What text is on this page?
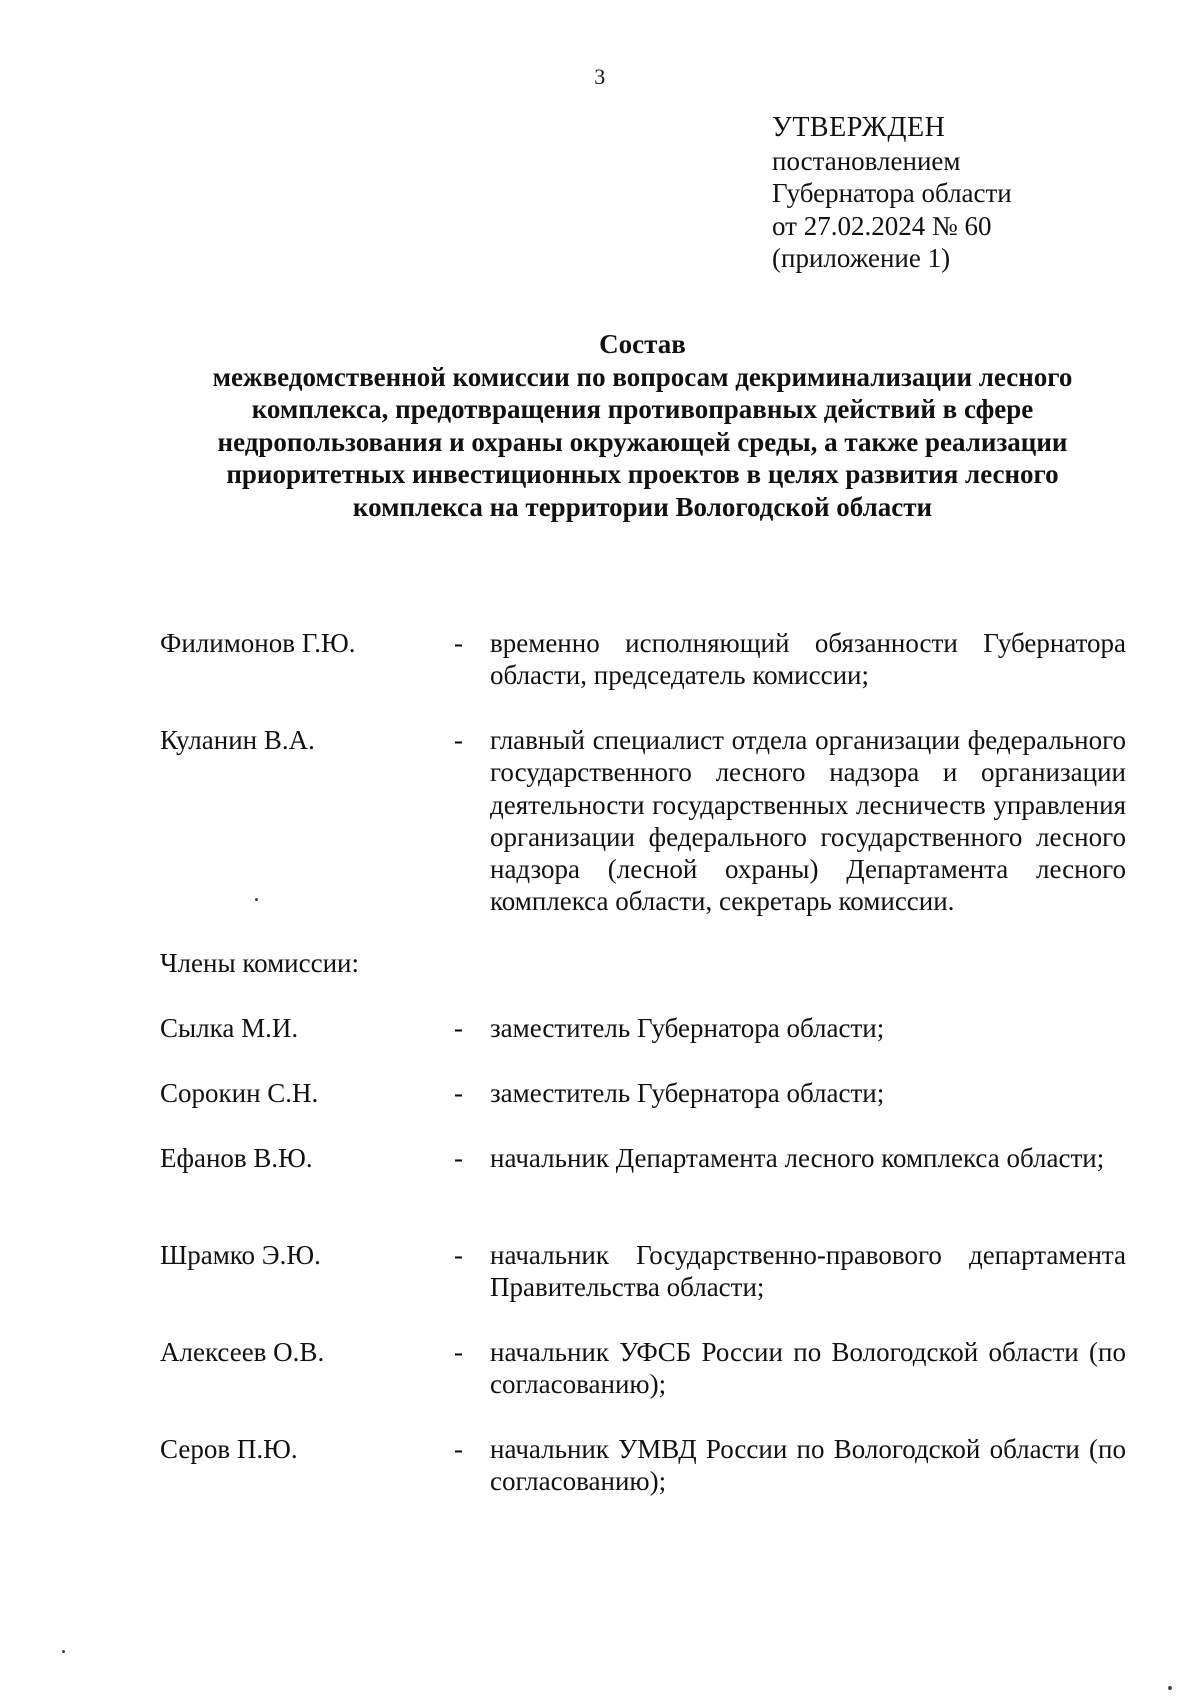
3
УТВЕРЖДЕН
постановлением
Губернатора области
от 27.02.2024 № 60
(приложение 1)
Состав
межведомственной комиссии по вопросам декриминализации лесного
комплекса, предотвращения противоправных действий в сфере
недропользования и охраны окружающей среды, а также реализации
приоритетных инвестиционных проектов в целях развития лесного
комплекса на территории Вологодской области
Филимонов Г.Ю.	- временно исполняющий обязанности Губернатора области, председатель комиссии;
Куланин В.А.	- главный специалист отдела организации федерального государственного лесного надзора и организации деятельности государственных лесничеств управления организации федерального государственного лесного надзора (лесной охраны) Департамента лесного комплекса области, секретарь комиссии.
Члены комиссии:
Сылка М.И.	- заместитель Губернатора области;
Сорокин С.Н.	- заместитель Губернатора области;
Ефанов В.Ю.	- начальник Департамента лесного комплекса области;
Шрамко Э.Ю.	- начальник Государственно-правового департамента Правительства области;
Алексеев О.В.	- начальник УФСБ России по Вологодской области (по согласованию);
Серов П.Ю.	- начальник УМВД России по Вологодской области (по согласованию);
